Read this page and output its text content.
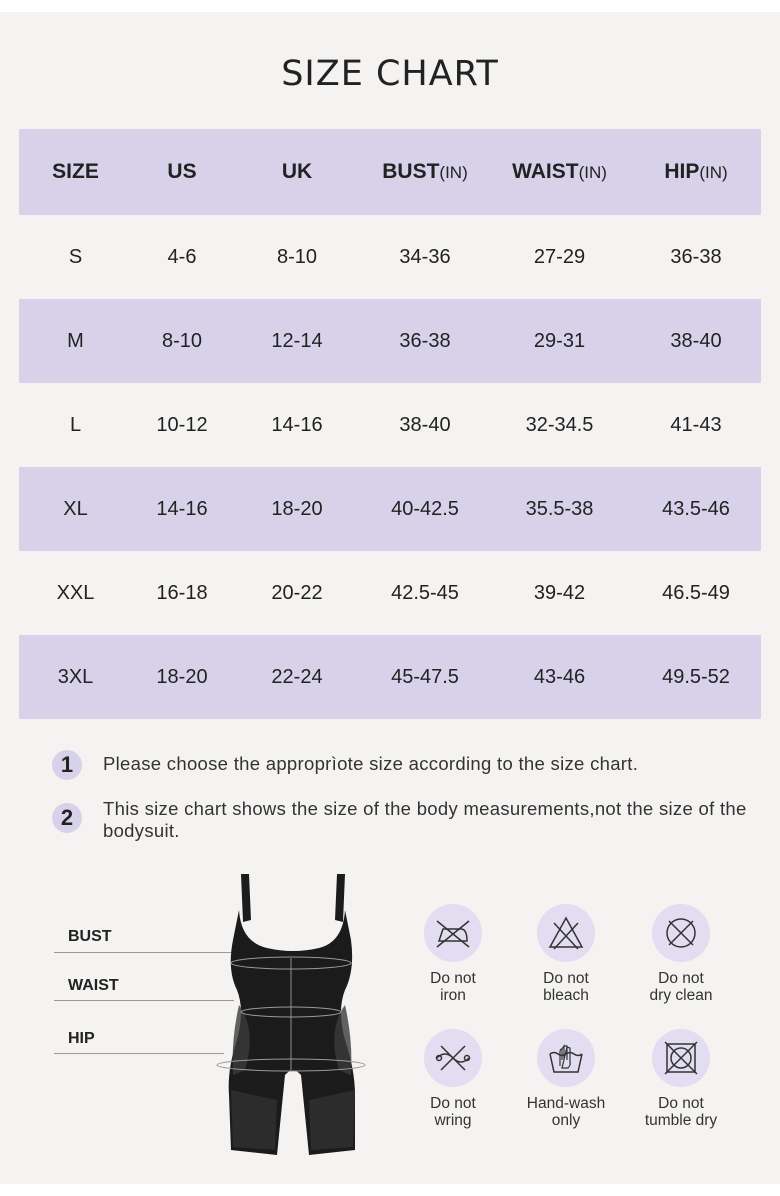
SIZE CHART
SIZE	US	UK	BUST(IN)	WAIST(IN)	HIP(IN)
S	4-6	8-10	34-36	27-29	36-38
M	8-10	12-14	36-38	29-31	38-40
L	10-12	14-16	38-40	32-34.5	41-43
XL	14-16	18-20	40-42.5	35.5-38	43.5-46
XXL	16-18	20-22	42.5-45	39-42	46.5-49
3XL	18-20	22-24	45-47.5	43-46	49.5-52
1	Please choose the approprìote size according to the size chart.
2	This size chart shows the size of the body measurements,not the size of the bodysuit.
BUST
WAIST
HIP
Do not
iron
Do not
bleach
Do not
dry clean
Do not
wring
Hand-wash
only
Do not
tumble dry
